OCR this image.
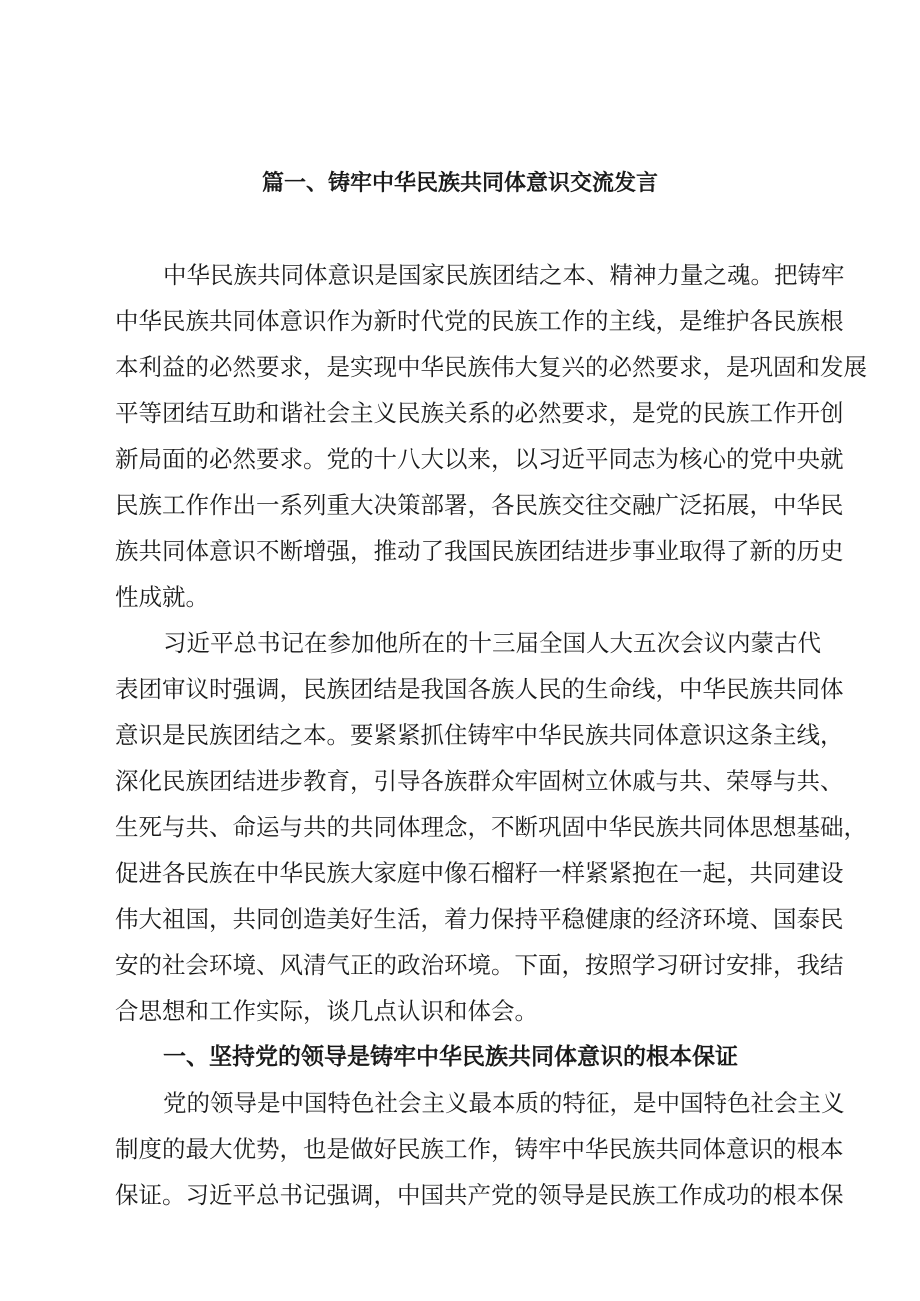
篇一、铸牢中华民族共同体意识交流发言
中华民族共同体意识是国家民族团结之本、精神力量之魂。把铸牢
中华民族共同体意识作为新时代党的民族工作的主线，是维护各民族根
本利益的必然要求，是实现中华民族伟大复兴的必然要求，是巩固和发展
平等团结互助和谐社会主义民族关系的必然要求，是党的民族工作开创
新局面的必然要求。党的十八大以来，以习近平同志为核心的党中央就
民族工作作出一系列重大决策部署，各民族交往交融广泛拓展，中华民
族共同体意识不断增强，推动了我国民族团结进步事业取得了新的历史
性成就。
习近平总书记在参加他所在的十三届全国人大五次会议内蒙古代
表团审议时强调，民族团结是我国各族人民的生命线，中华民族共同体
意识是民族团结之本。要紧紧抓住铸牢中华民族共同体意识这条主线，
深化民族团结进步教育，引导各族群众牢固树立休戚与共、荣辱与共、
生死与共、命运与共的共同体理念，不断巩固中华民族共同体思想基础，
促进各民族在中华民族大家庭中像石榴籽一样紧紧抱在一起，共同建设
伟大祖国，共同创造美好生活，着力保持平稳健康的经济环境、国泰民
安的社会环境、风清气正的政治环境。下面，按照学习研讨安排，我结
合思想和工作实际，谈几点认识和体会。
一、坚持党的领导是铸牢中华民族共同体意识的根本保证
党的领导是中国特色社会主义最本质的特征，是中国特色社会主义
制度的最大优势，也是做好民族工作，铸牢中华民族共同体意识的根本
保证。习近平总书记强调，中国共产党的领导是民族工作成功的根本保
